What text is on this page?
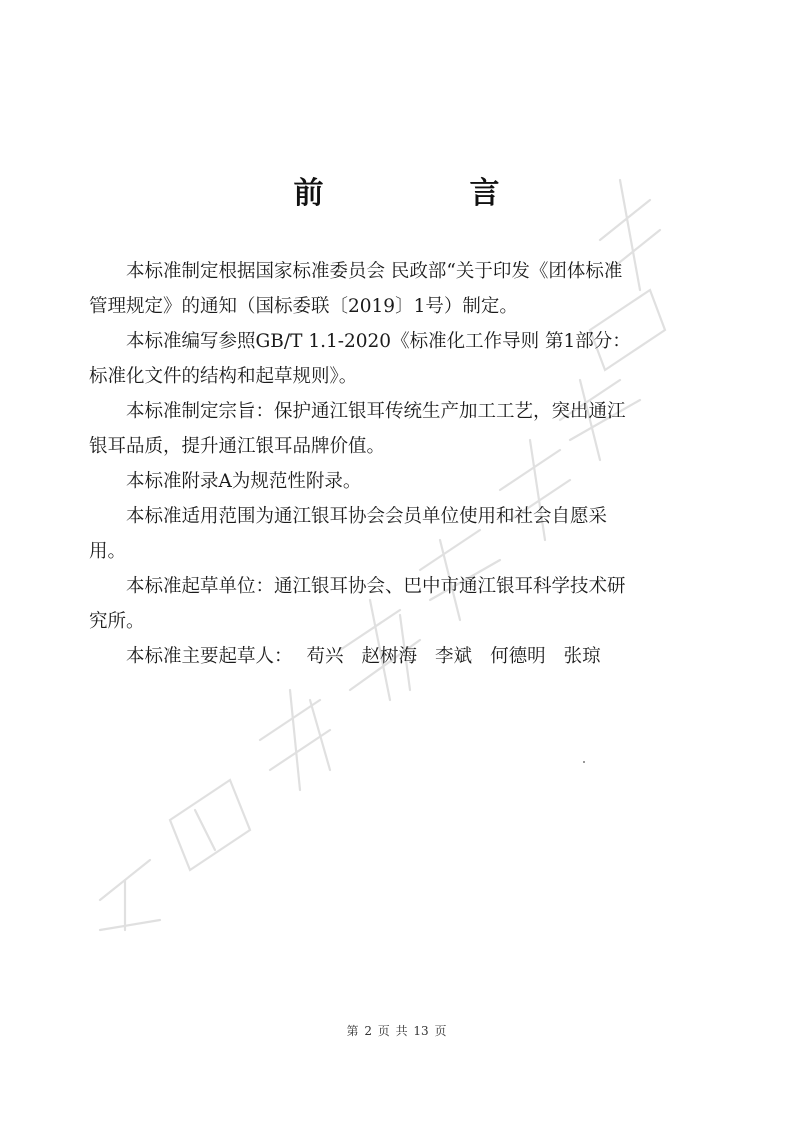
前　言
本标准制定根据国家标准委员会 民政部“关于印发《团体标准
管理规定》的通知（国标委联〔2019〕1号）制定。
本标准编写参照GB/T 1.1-2020《标准化工作导则 第1部分：
标准化文件的结构和起草规则》。
本标准制定宗旨：保护通江银耳传统生产加工工艺，突出通江
银耳品质，提升通江银耳品牌价值。
本标准附录A为规范性附录。
本标准适用范围为通江银耳协会会员单位使用和社会自愿采
用。
本标准起草单位：通江银耳协会、巴中市通江银耳科学技术研
究所。
本标准主要起草人： 苟兴 赵树海 李斌 何德明 张琼
第 2 页 共 13 页
